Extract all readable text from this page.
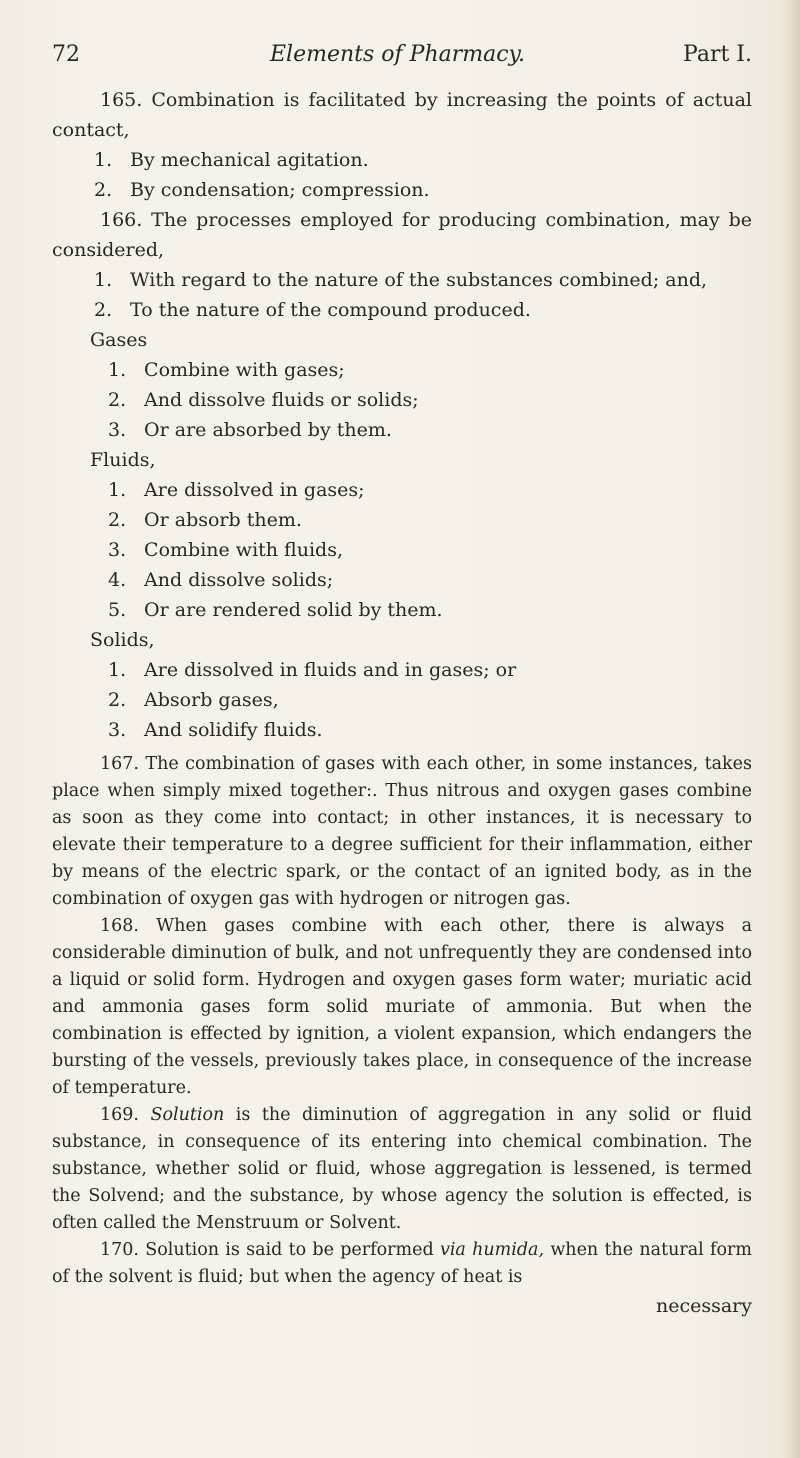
72	Elements of Pharmacy.	Part I.

165. Combination is facilitated by increasing the points of actual contact,

1. By mechanical agitation.

2. By condensation; compression.

166. The processes employed for producing combination, may be considered,

1. With regard to the nature of the substances combined; and,

2. To the nature of the compound produced.

Gases

1. Combine with gases;

2. And dissolve fluids or solids;

3. Or are absorbed by them.

Fluids,

1. Are dissolved in gases;

2. Or absorb them.

3. Combine with fluids,

4. And dissolve solids;

5. Or are rendered solid by them.

Solids,

1. Are dissolved in fluids and in gases; or

2. Absorb gases,

3. And solidify fluids.

167. The combination of gases with each other, in some instances, takes place when simply mixed together:. Thus nitrous and oxygen gases combine as soon as they come into contact; in other instances, it is necessary to elevate their temperature to a degree sufficient for their inflammation, either by means of the electric spark, or the contact of an ignited body, as in the combination of oxygen gas with hydrogen or nitrogen gas.

168. When gases combine with each other, there is always a considerable diminution of bulk, and not unfrequently they are condensed into a liquid or solid form. Hydrogen and oxygen gases form water; muriatic acid and ammonia gases form solid muriate of ammonia. But when the combination is effected by ignition, a violent expansion, which endangers the bursting of the vessels, previously takes place, in consequence of the increase of temperature.

169. Solution is the diminution of aggregation in any solid or fluid substance, in consequence of its entering into chemical combination. The substance, whether solid or fluid, whose aggregation is lessened, is termed the Solvend; and the substance, by whose agency the solution is effected, is often called the Menstruum or Solvent.

170. Solution is said to be performed via humida, when the natural form of the solvent is fluid; but when the agency of heat is

necessary
